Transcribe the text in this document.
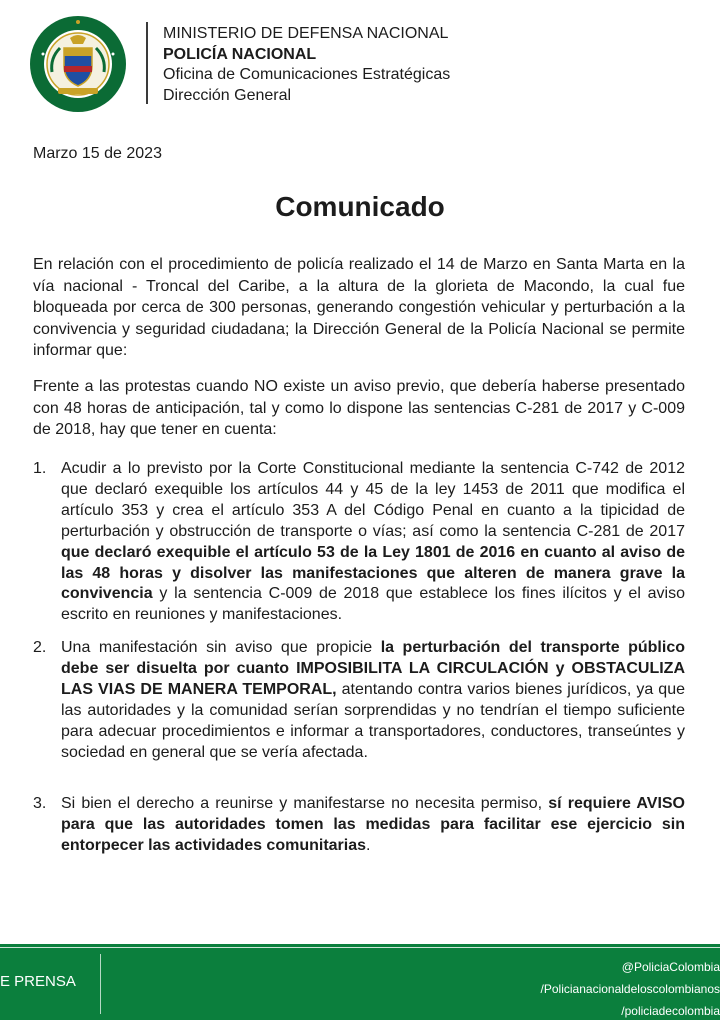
MINISTERIO DE DEFENSA NACIONAL
POLICÍA NACIONAL
Oficina de Comunicaciones Estratégicas
Dirección General
Marzo 15 de 2023
Comunicado
En relación con el procedimiento de policía realizado el 14 de Marzo en Santa Marta en la vía nacional - Troncal del Caribe, a la altura de la glorieta de Macondo, la cual fue bloqueada por cerca de 300 personas, generando congestión vehicular y perturbación a la convivencia y seguridad ciudadana; la Dirección General de la Policía Nacional se permite informar que:
Frente a las protestas cuando NO existe un aviso previo, que debería haberse presentado con 48 horas de anticipación, tal y como lo dispone las sentencias C-281 de 2017 y C-009 de 2018, hay que tener en cuenta:
1. Acudir a lo previsto por la Corte Constitucional mediante la sentencia C-742 de 2012 que declaró exequible los artículos 44 y 45 de la ley 1453 de 2011 que modifica el artículo 353 y crea el artículo 353 A del Código Penal en cuanto a la tipicidad de perturbación y obstrucción de transporte o vías; así como la sentencia C-281 de 2017 que declaró exequible el artículo 53 de la Ley 1801 de 2016 en cuanto al aviso de las 48 horas y disolver las manifestaciones que alteren de manera grave la convivencia y la sentencia C-009 de 2018 que establece los fines ilícitos y el aviso escrito en reuniones y manifestaciones.
2. Una manifestación sin aviso que propicie la perturbación del transporte público debe ser disuelta por cuanto IMPOSIBILITA LA CIRCULACIÓN y OBSTACULIZA LAS VIAS DE MANERA TEMPORAL, atentando contra varios bienes jurídicos, ya que las autoridades y la comunidad serían sorprendidas y no tendrían el tiempo suficiente para adecuar procedimientos e informar a transportadores, conductores, transeúntes y sociedad en general que se vería afectada.
3. Si bien el derecho a reunirse y manifestarse no necesita permiso, sí requiere AVISO para que las autoridades tomen las medidas para facilitar ese ejercicio sin entorpecer las actividades comunitarias.
E PRENSA
@PoliciaColombia
/Policianacionaldeloscolombianos
/policiadecolombia
